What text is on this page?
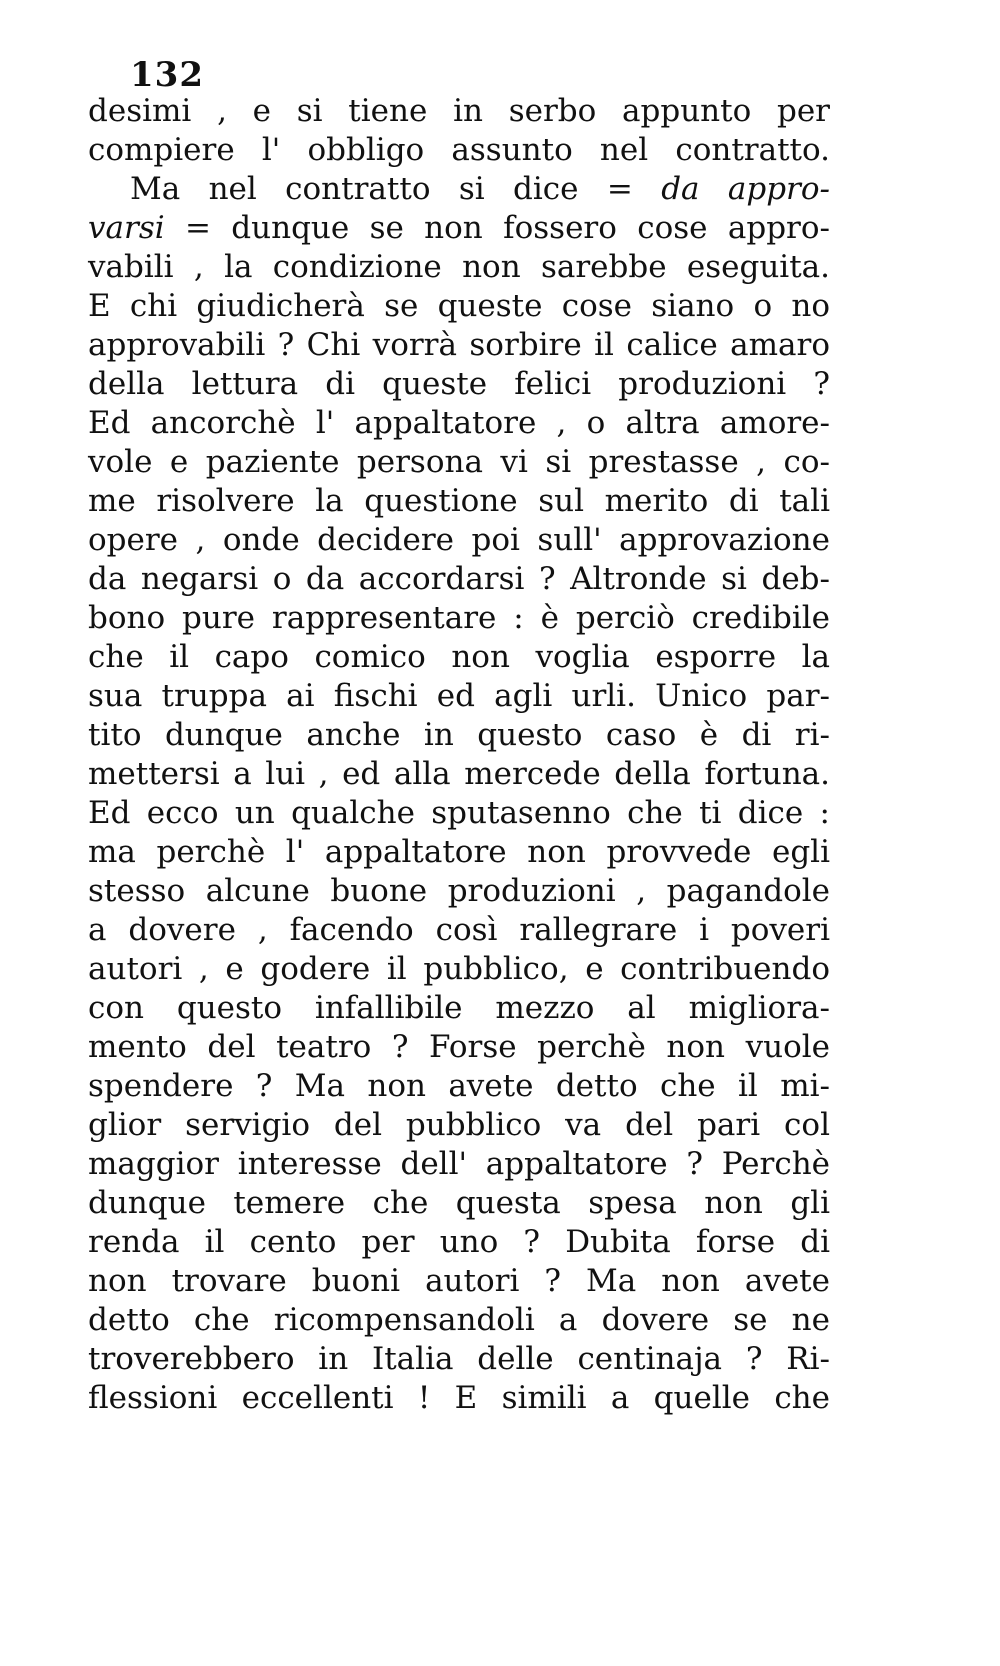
132
desimi , e si tiene in serbo appunto per
compiere l' obbligo assunto nel contratto.
Ma nel contratto si dice = da appro-
varsi = dunque se non fossero cose appro-
vabili , la condizione non sarebbe eseguita.
E chi giudicherà se queste cose siano o no
approvabili ? Chi vorrà sorbire il calice amaro
della lettura di queste felici produzioni ?
Ed ancorchè l' appaltatore , o altra amore-
vole e paziente persona vi si prestasse , co-
me risolvere la questione sul merito di tali
opere , onde decidere poi sull' approvazione
da negarsi o da accordarsi ? Altronde si deb-
bono pure rappresentare : è perciò credibile
che il capo comico non voglia esporre la
sua truppa ai fischi ed agli urli. Unico par-
tito dunque anche in questo caso è di ri-
mettersi a lui , ed alla mercede della fortuna.
Ed ecco un qualche sputasenno che ti dice :
ma perchè l' appaltatore non provvede egli
stesso alcune buone produzioni , pagandole
a dovere , facendo così rallegrare i poveri
autori , e godere il pubblico, e contribuendo
con questo infallibile mezzo al migliora-
mento del teatro ? Forse perchè non vuole
spendere ? Ma non avete detto che il mi-
glior servigio del pubblico va del pari col
maggior interesse dell' appaltatore ? Perchè
dunque temere che questa spesa non gli
renda il cento per uno ? Dubita forse di
non trovare buoni autori ? Ma non avete
detto che ricompensandoli a dovere se ne
troverebbero in Italia delle centinaja ? Ri-
flessioni eccellenti ! E simili a quelle che
